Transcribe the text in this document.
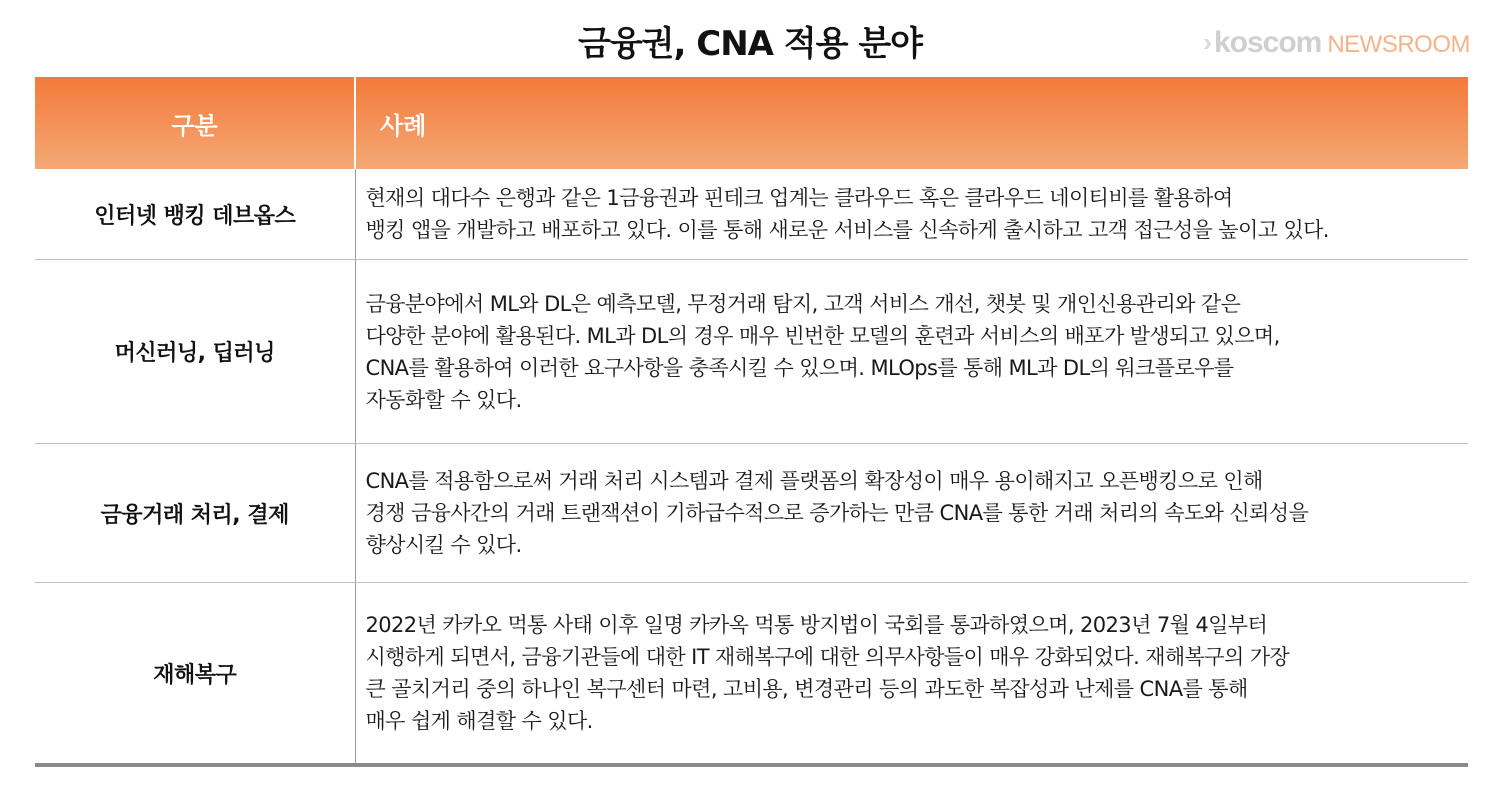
금융권, CNA 적용 분야	› koscom NEWSROOM
구분	사례
인터넷 뱅킹 데브옵스	현재의 대다수 은행과 같은 1금융권과 핀테크 업계는 클라우드 혹은 클라우드 네이티비를 활용하여
뱅킹 앱을 개발하고 배포하고 있다. 이를 통해 새로운 서비스를 신속하게 출시하고 고객 접근성을 높이고 있다.
머신러닝, 딥러닝	금융분야에서 ML와 DL은 예측모델, 무정거래 탐지, 고객 서비스 개선, 챗봇 및 개인신용관리와 같은
다양한 분야에 활용된다. ML과 DL의 경우 매우 빈번한 모델의 훈련과 서비스의 배포가 발생되고 있으며,
CNA를 활용하여 이러한 요구사항을 충족시킬 수 있으며. MLOps를 통해 ML과 DL의 워크플로우를
자동화할 수 있다.
금융거래 처리, 결제	CNA를 적용함으로써 거래 처리 시스템과 결제 플랫폼의 확장성이 매우 용이해지고 오픈뱅킹으로 인해
경쟁 금융사간의 거래 트랜잭션이 기하급수적으로 증가하는 만큼 CNA를 통한 거래 처리의 속도와 신뢰성을
향상시킬 수 있다.
재해복구	2022년 카카오 먹통 사태 이후 일명 카카옥 먹통 방지법이 국회를 통과하였으며, 2023년 7월 4일부터
시행하게 되면서, 금융기관들에 대한 IT 재해복구에 대한 의무사항들이 매우 강화되었다. 재해복구의 가장
큰 골치거리 중의 하나인 복구센터 마련, 고비용, 변경관리 등의 과도한 복잡성과 난제를 CNA를 통해
매우 쉽게 해결할 수 있다.
